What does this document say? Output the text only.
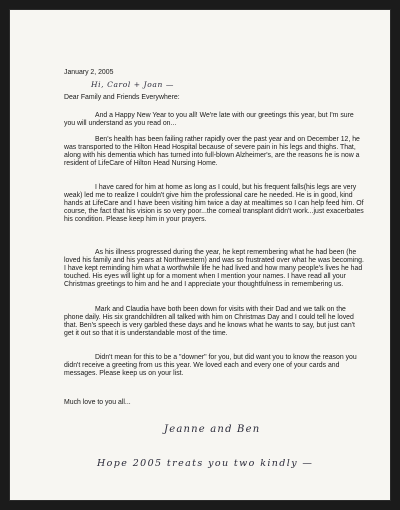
January 2, 2005
Hi, Carol + Joan —
Dear Family and Friends Everywhere:

And a Happy New Year to you all! We're late with our greetings this year, but I'm sure you will understand as you read on...

Ben's health has been failing rather rapidly over the past year and on December 12, he was transported to the Hilton Head Hospital because of severe pain in his legs and thighs. That, along with his dementia which has turned into full-blown Alzheimer's, are the reasons he is now a resident of LifeCare of Hilton Head Nursing Home.

I have cared for him at home as long as I could, but his frequent falls(his legs are very weak) led me to realize I couldn't give him the professional care he needed. He is in good, kind hands at LifeCare and I have been visiting him twice a day at mealtimes so I can help feed him. Of course, the fact that his vision is so very poor...the corneal transplant didn't work...just exacerbates his condition. Please keep him in your prayers.

As his illness progressed during the year, he kept remembering what he had been (he loved his family and his years at Northwestern) and was so frustrated over what he was becoming. I have kept reminding him what a worthwhile life he had lived and how many people's lives he had touched. His eyes will light up for a moment when I mention your names. I have read all your Christmas greetings to him and he and I appreciate your thoughtfulness in remembering us.

Mark and Claudia have both been down for visits with their Dad and we talk on the phone daily. His six grandchildren all talked with him on Christmas Day and I could tell he loved that. Ben's speech is very garbled these days and he knows what he wants to say, but just can't get it out so that it is understandable most of the time.

Didn't mean for this to be a "downer" for you, but did want you to know the reason you didn't receive a greeting from us this year. We loved each and every one of your cards and messages. Please keep us on your list.

Much love to you all...
Jeanne and Ben
Hope 2005 treats you two kindly —
